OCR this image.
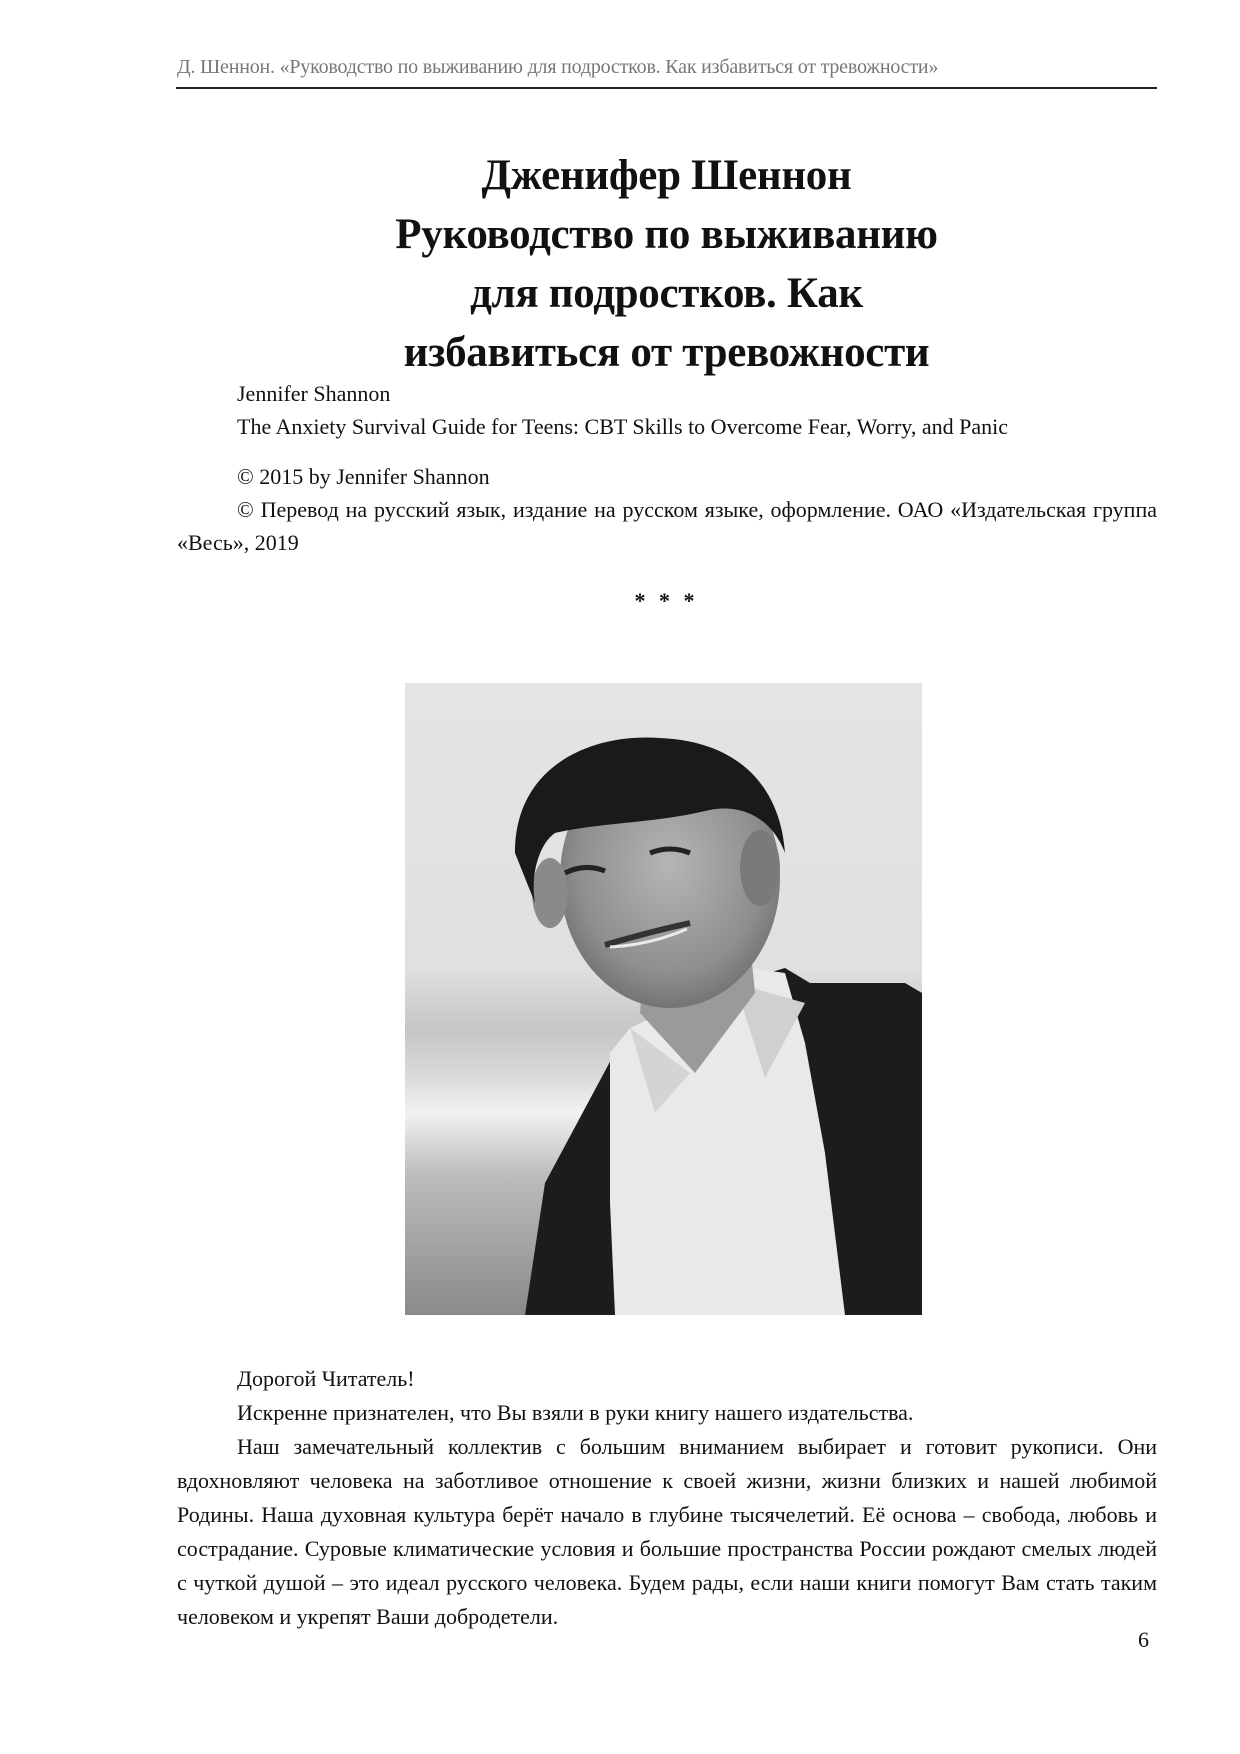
Д. Шеннон. «Руководство по выживанию для подростков. Как избавиться от тревожности»
Дженифер Шеннон
Руководство по выживанию
для подростков. Как
избавиться от тревожности
Jennifer Shannon
The Anxiety Survival Guide for Teens: CBT Skills to Overcome Fear, Worry, and Panic
© 2015 by Jennifer Shannon
© Перевод на русский язык, издание на русском языке, оформление. ОАО «Издательская группа «Весь», 2019
* * *

Дорогой Читатель!

Искренне признателен, что Вы взяли в руки книгу нашего издательства.

Наш замечательный коллектив с большим вниманием выбирает и готовит рукописи. Они вдохновляют человека на заботливое отношение к своей жизни, жизни близких и нашей любимой Родины. Наша духовная культура берёт начало в глубине тысячелетий. Её основа – свобода, любовь и сострадание. Суровые климатические условия и большие пространства России рождают смелых людей с чуткой душой – это идеал русского человека. Будем рады, если наши книги помогут Вам стать таким человеком и укрепят Ваши добродетели.

6
